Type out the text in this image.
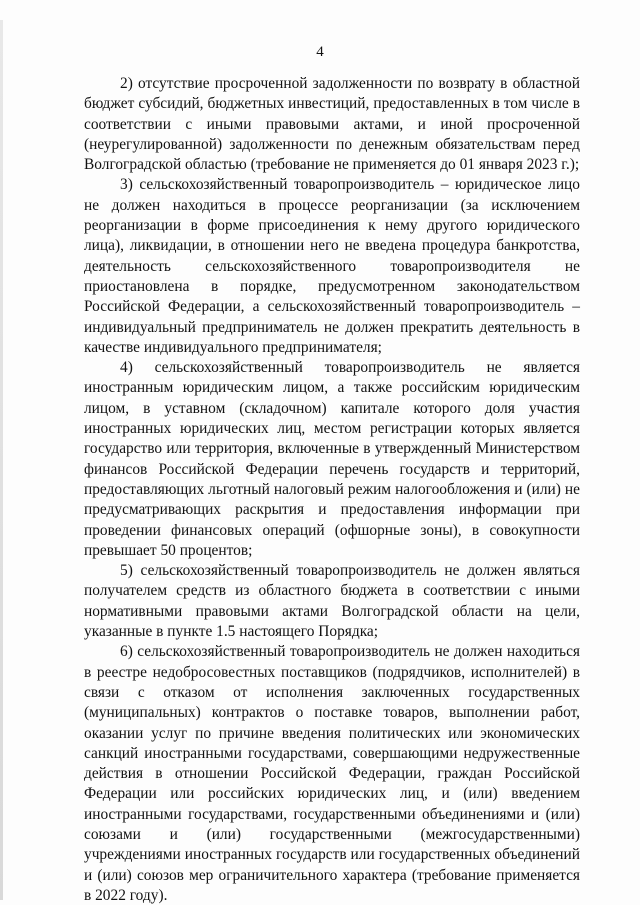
4

2) отсутствие просроченной задолженности по возврату в областной бюджет субсидий, бюджетных инвестиций, предоставленных в том числе в соответствии с иными правовыми актами, и иной просроченной (неурегулированной) задолженности по денежным обязательствам перед Волгоградской областью (требование не применяется до 01 января 2023 г.);

3) сельскохозяйственный товаропроизводитель – юридическое лицо не должен находиться в процессе реорганизации (за исключением реорганизации в форме присоединения к нему другого юридического лица), ликвидации, в отношении него не введена процедура банкротства, деятельность сельскохозяйственного товаропроизводителя не приостановлена в порядке, предусмотренном законодательством Российской Федерации, а сельскохозяйственный товаропроизводитель – индивидуальный предприниматель не должен прекратить деятельность в качестве индивидуального предпринимателя;

4) сельскохозяйственный товаропроизводитель не является иностранным юридическим лицом, а также российским юридическим лицом, в уставном (складочном) капитале которого доля участия иностранных юридических лиц, местом регистрации которых является государство или территория, включенные в утвержденный Министерством финансов Российской Федерации перечень государств и территорий, предоставляющих льготный налоговый режим налогообложения и (или) не предусматривающих раскрытия и предоставления информации при проведении финансовых операций (офшорные зоны), в совокупности превышает 50 процентов;

5) сельскохозяйственный товаропроизводитель не должен являться получателем средств из областного бюджета в соответствии с иными нормативными правовыми актами Волгоградской области на цели, указанные в пункте 1.5 настоящего Порядка;

6) сельскохозяйственный товаропроизводитель не должен находиться в реестре недобросовестных поставщиков (подрядчиков, исполнителей) в связи с отказом от исполнения заключенных государственных (муниципальных) контрактов о поставке товаров, выполнении работ, оказании услуг по причине введения политических или экономических санкций иностранными государствами, совершающими недружественные действия в отношении Российской Федерации, граждан Российской Федерации или российских юридических лиц, и (или) введением иностранными государствами, государственными объединениями и (или) союзами и (или) государственными (межгосударственными) учреждениями иностранных государств или государственных объединений и (или) союзов мер ограничительного характера (требование применяется в 2022 году).
